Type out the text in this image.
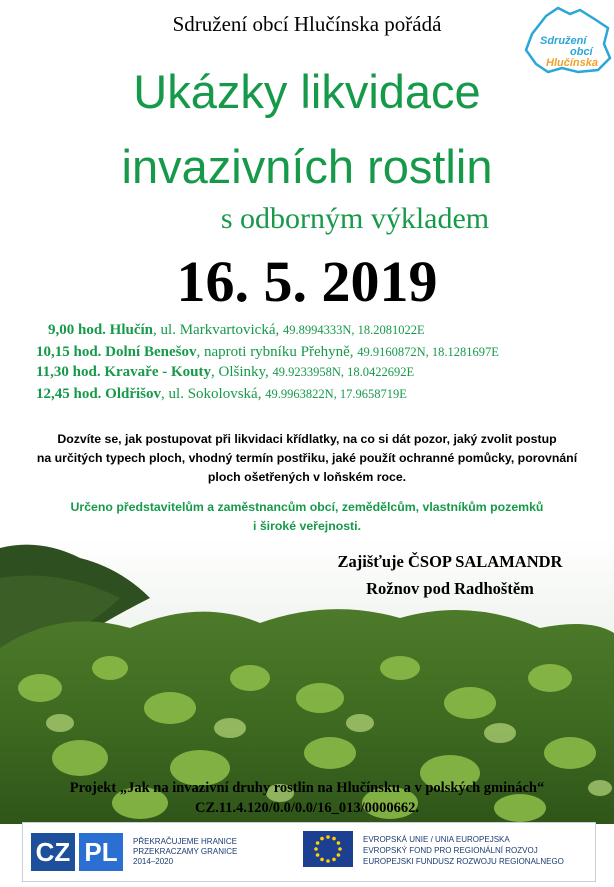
Sdružení obcí Hlučínska pořádá
Sdružení
obcí
Hlučínska
Ukázky likvidace
invazivních rostlin
s odborným výkladem
16. 5. 2019
9,00 hod. Hlučín, ul. Markvartovická, 49.8994333N, 18.2081022E
10,15 hod. Dolní Benešov, naproti rybníku Přehyně, 49.9160872N, 18.1281697E
11,30 hod. Kravaře - Kouty, Olšinky, 49.9233958N, 18.0422692E
12,45 hod. Oldřišov, ul. Sokolovská, 49.9963822N, 17.9658719E
Dozvíte se, jak postupovat při likvidaci křídlatky, na co si dát pozor, jaký zvolit postup
na určitých typech ploch, vhodný termín postřiku, jaké použít ochranné pomůcky, porovnání
ploch ošetřených v loňském roce.
Určeno představitelům a zaměstnancům obcí, zemědělcům, vlastníkům pozemků
i široké veřejnosti.
Zajišťuje ČSOP SALAMANDR
Rožnov pod Radhoštěm
Projekt „Jak na invazivní druhy rostlin na Hlučínsku a v polských gminách“
CZ.11.4.120/0.0/0.0/16_013/0000662.
CZ PL	PŘEKRAČUJEME HRANICE
PRZEKRACZAMY GRANICE
2014–2020
EVROPSKÁ UNIE / UNIA EUROPEJSKA
EVROPSKÝ FOND PRO REGIONÁLNÍ ROZVOJ
EUROPEJSKI FUNDUSZ ROZWOJU REGIONALNEGO
